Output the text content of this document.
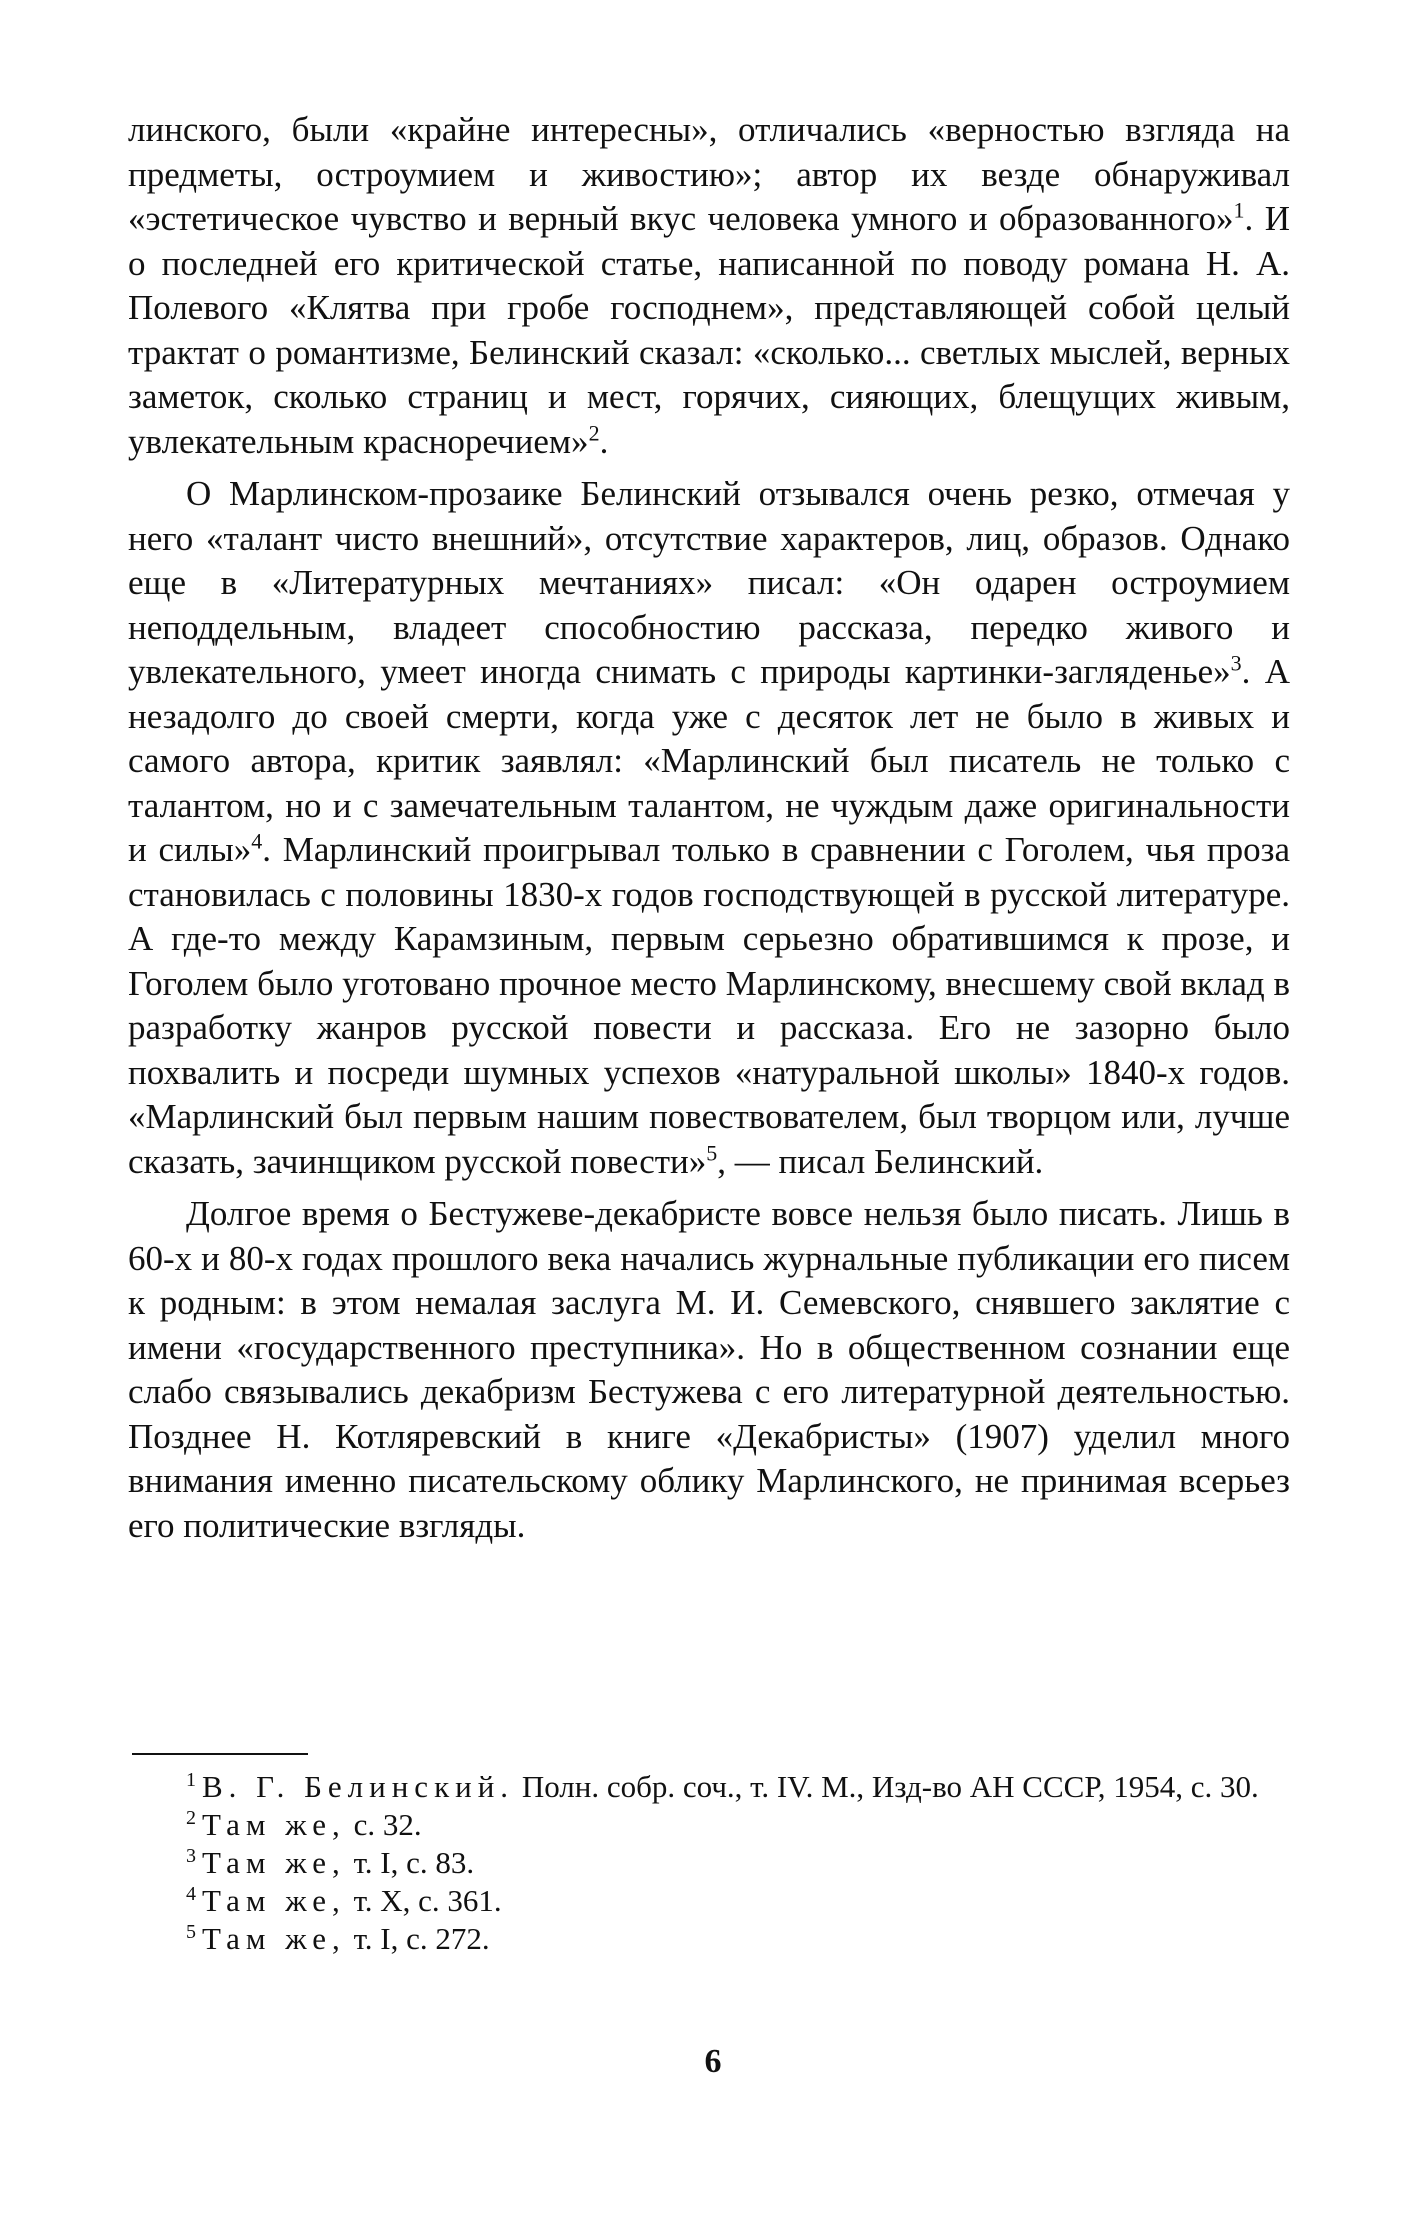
линского, были «крайне интересны», отличались «верностью взгляда на предметы, остроумием и живостию»; автор их везде обнаруживал «эстетическое чувство и верный вкус человека умного и образованного»$^1$. И о последней его критической статье, написанной по поводу романа Н. А. Полевого «Клятва при гробе господнем», представляющей собой целый трактат о романтизме, Белинский сказал: «сколько... светлых мыслей, верных заметок, сколько страниц и мест, горячих, сияющих, блещущих живым, увлекательным красноречием»$^2$.

О Марлинском-прозаике Белинский отзывался очень резко, отмечая у него «талант чисто внешний», отсутствие характеров, лиц, образов. Однако еще в «Литературных мечтаниях» писал: «Он одарен остроумием неподдельным, владеет способностию рассказа, передко живого и увлекательного, умеет иногда снимать с природы картинки-загляденье»$^3$. А незадолго до своей смерти, когда уже с десяток лет не было в живых и самого автора, критик заявлял: «Марлинский был писатель не только с талантом, но и с замечательным талантом, не чуждым даже оригинальности и силы»$^4$. Марлинский проигрывал только в сравнении с Гоголем, чья проза становилась с половины 1830-х годов господствующей в русской литературе. А где-то между Карамзиным, первым серьезно обратившимся к прозе, и Гоголем было уготовано прочное место Марлинскому, внесшему свой вклад в разработку жанров русской повести и рассказа. Его не зазорно было похвалить и посреди шумных успехов «натуральной школы» 1840-х годов. «Марлинский был первым нашим повествователем, был творцом или, лучше сказать, зачинщиком русской повести»$^5$, — писал Белинский.

Долгое время о Бестужеве-декабристе вовсе нельзя было писать. Лишь в 60-х и 80-х годах прошлого века начались журнальные публикации его писем к родным: в этом немалая заслуга М. И. Семевского, снявшего заклятие с имени «государственного преступника». Но в общественном сознании еще слабо связывались декабризм Бестужева с его литературной деятельностью. Позднее Н. Котляревский в книге «Декабристы» (1907) уделил много внимания именно писательскому облику Марлинского, не принимая всерьез его политические взгляды.

$^1$ В. Г. Белинский. Полн. собр. соч., т. IV. М., Изд-во АН СССР, 1954, с. 30.

$^2$ Там же, с. 32.

$^3$ Там же, т. I, с. 83.

$^4$ Там же, т. X, с. 361.

$^5$ Там же, т. I, с. 272.

6
